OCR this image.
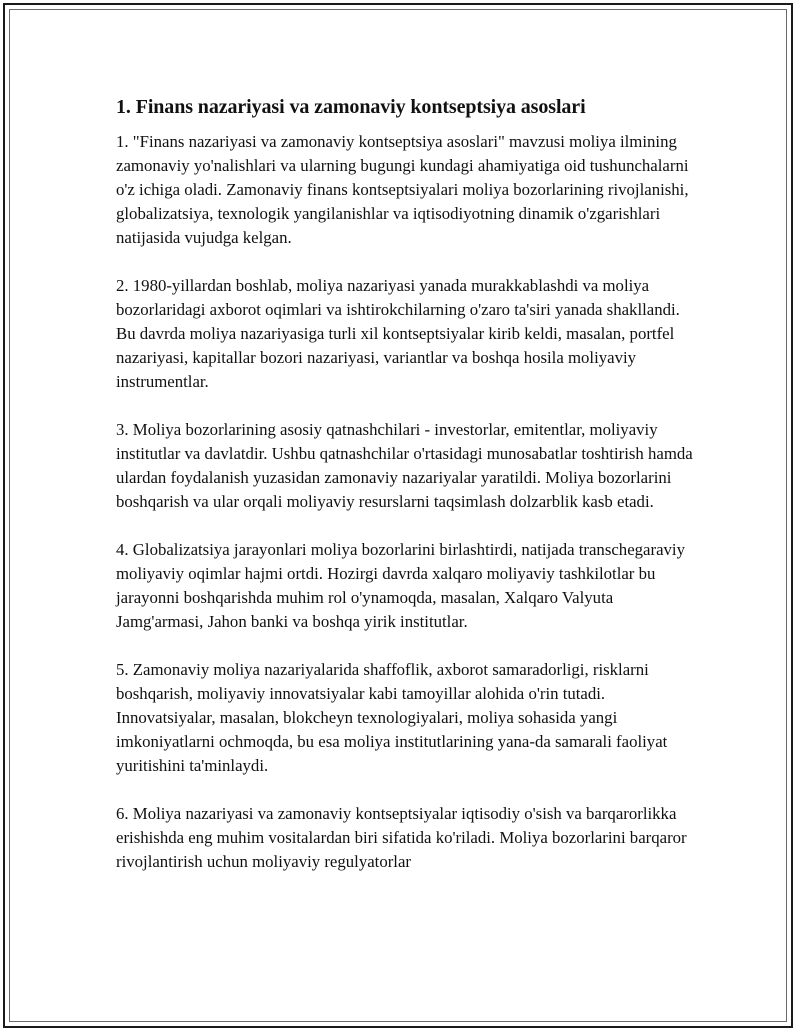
1. Finans nazariyasi va zamonaviy kontseptsiya asoslari

1. "Finans nazariyasi va zamonaviy kontseptsiya asoslari" mavzusi moliya ilmining zamonaviy yo'nalishlari va ularning bugungi kundagi ahamiyatiga oid tushunchalarni o'z ichiga oladi. Zamonaviy finans kontseptsiyalari moliya bozorlarining rivojlanishi, globalizatsiya, texnologik yangilanishlar va iqtisodiyotning dinamik o'zgarishlari natijasida vujudga kelgan.

2. 1980-yillardan boshlab, moliya nazariyasi yanada murakkablashdi va moliya bozorlaridagi axborot oqimlari va ishtirokchilarning o'zaro ta'siri yanada shakllandi. Bu davrda moliya nazariyasiga turli xil kontseptsiyalar kirib keldi, masalan, portfel nazariyasi, kapitallar bozori nazariyasi, variantlar va boshqa hosila moliyaviy instrumentlar.

3. Moliya bozorlarining asosiy qatnashchilari - investorlar, emitentlar, moliyaviy institutlar va davlatdir. Ushbu qatnashchilar o'rtasidagi munosabatlar toshtirish hamda ulardan foydalanish yuzasidan zamonaviy nazariyalar yaratildi. Moliya bozorlarini boshqarish va ular orqali moliyaviy resurslarni taqsimlash dolzarblik kasb etadi.

4. Globalizatsiya jarayonlari moliya bozorlarini birlashtirdi, natijada transchegaraviy moliyaviy oqimlar hajmi ortdi. Hozirgi davrda xalqaro moliyaviy tashkilotlar bu jarayonni boshqarishda muhim rol o'ynamoqda, masalan, Xalqaro Valyuta Jamg'armasi, Jahon banki va boshqa yirik institutlar.

5. Zamonaviy moliya nazariyalarida shaffoflik, axborot samaradorligi, risklarni boshqarish, moliyaviy innovatsiyalar kabi tamoyillar alohida o'rin tutadi. Innovatsiyalar, masalan, blokcheyn texnologiyalari, moliya sohasida yangi imkoniyatlarni ochmoqda, bu esa moliya institutlarining yana-da samarali faoliyat yuritishini ta'minlaydi.

6. Moliya nazariyasi va zamonaviy kontseptsiyalar iqtisodiy o'sish va barqarorlikka erishishda eng muhim vositalardan biri sifatida ko'riladi. Moliya bozorlarini barqaror rivojlantirish uchun moliyaviy regulyatorlar
